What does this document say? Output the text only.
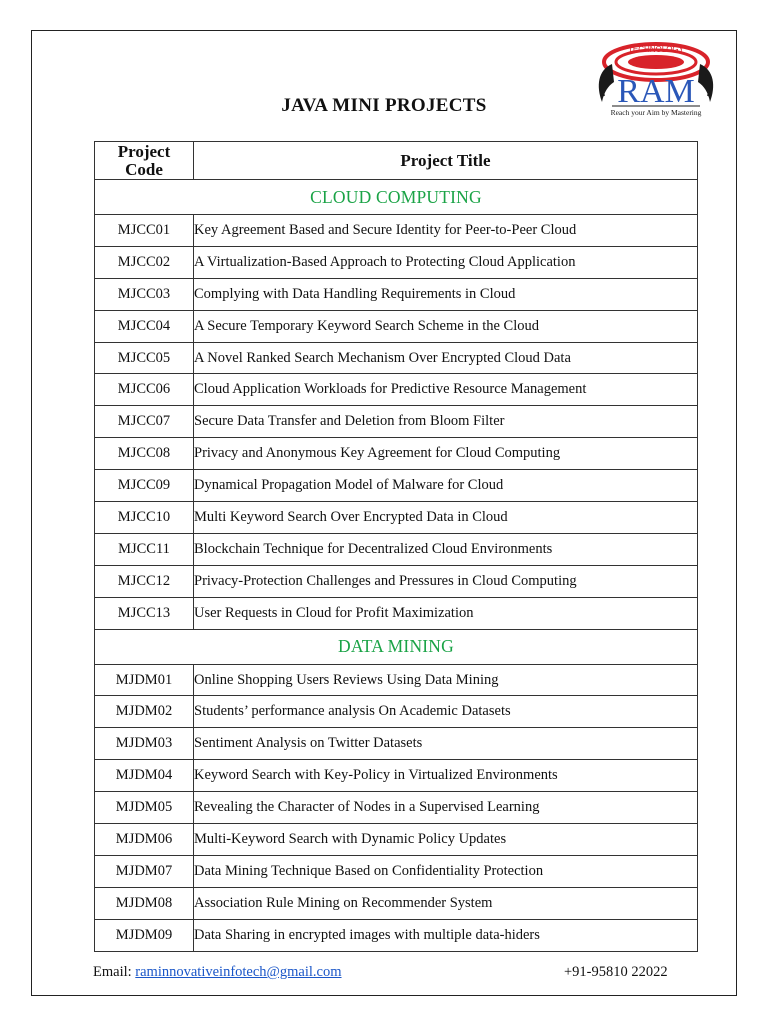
TECHNOLOGY
RAM
Reach your Aim by Mastering
JAVA MINI PROJECTS
Project
Code	Project Title
CLOUD COMPUTING	
MJCC01	Key Agreement Based and Secure Identity for Peer-to-Peer Cloud
MJCC02	A Virtualization-Based Approach to Protecting Cloud Application
MJCC03	Complying with Data Handling Requirements in Cloud
MJCC04	A Secure Temporary Keyword Search Scheme in the Cloud
MJCC05	A Novel Ranked Search Mechanism Over Encrypted Cloud Data
MJCC06	Cloud Application Workloads for Predictive Resource Management
MJCC07	Secure Data Transfer and Deletion from Bloom Filter
MJCC08	Privacy and Anonymous Key Agreement for Cloud Computing
MJCC09	Dynamical Propagation Model of Malware for Cloud
MJCC10	Multi Keyword Search Over Encrypted Data in Cloud
MJCC11	Blockchain Technique for Decentralized Cloud Environments
MJCC12	Privacy-Protection Challenges and Pressures in Cloud Computing
MJCC13	User Requests in Cloud for Profit Maximization
DATA MINING	
MJDM01	Online Shopping Users Reviews Using Data Mining
MJDM02	Students’ performance analysis On Academic Datasets
MJDM03	Sentiment Analysis on Twitter Datasets
MJDM04	Keyword Search with Key-Policy in Virtualized Environments
MJDM05	Revealing the Character of Nodes in a Supervised Learning
MJDM06	Multi-Keyword Search with Dynamic Policy Updates
MJDM07	Data Mining Technique Based on Confidentiality Protection
MJDM08	Association Rule Mining on Recommender System
MJDM09	Data Sharing in encrypted images with multiple data-hiders
Email: raminnovativeinfotech@gmail.com	+91-95810 22022
